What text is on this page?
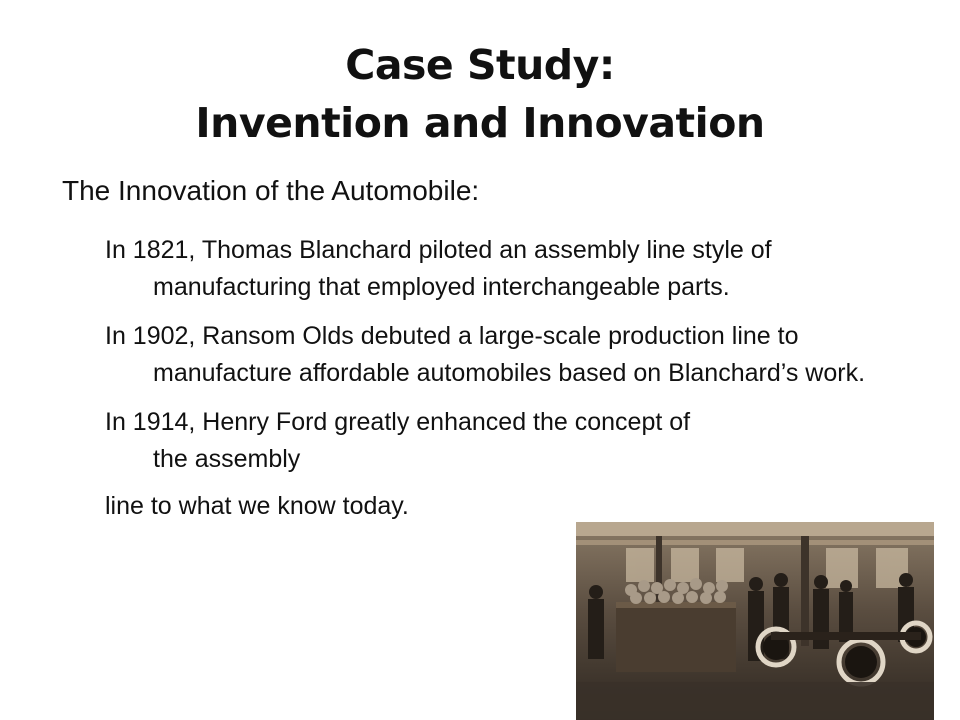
Case Study:
Invention and Innovation
The Innovation of the Automobile:
In 1821, Thomas Blanchard piloted an assembly line style of manufacturing that employed interchangeable parts.
In 1902, Ransom Olds debuted a large-scale production line to manufacture affordable automobiles based on Blanchard’s work.
In 1914, Henry Ford greatly enhanced the concept of the assembly
line to what we know today.
